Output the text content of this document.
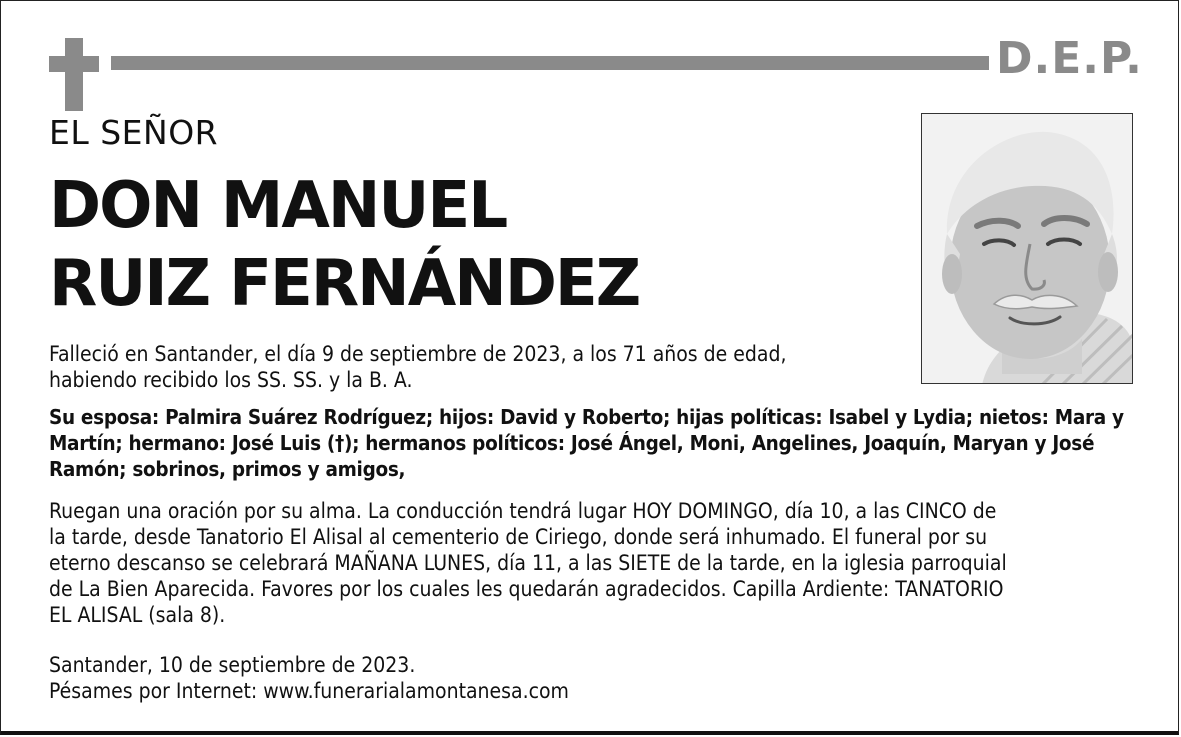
D.E.P.
EL SEÑOR
DON MANUEL
RUIZ FERNÁNDEZ
Falleció en Santander, el día 9 de septiembre de 2023, a los 71 años de edad,
habiendo recibido los SS. SS. y la B. A.
Su esposa: Palmira Suárez Rodríguez; hijos: David y Roberto; hijas políticas: Isabel y Lydia; nietos: Mara y
Martín; hermano: José Luis (†); hermanos políticos: José Ángel, Moni, Angelines, Joaquín, Maryan y José
Ramón; sobrinos, primos y amigos,
Ruegan una oración por su alma. La conducción tendrá lugar HOY DOMINGO, día 10, a las CINCO de
la tarde, desde Tanatorio El Alisal al cementerio de Ciriego, donde será inhumado. El funeral por su
eterno descanso se celebrará MAÑANA LUNES, día 11, a las SIETE de la tarde, en la iglesia parroquial
de La Bien Aparecida. Favores por los cuales les quedarán agradecidos. Capilla Ardiente: TANATORIO
EL ALISAL (sala 8).
Santander, 10 de septiembre de 2023.
Pésames por Internet: www.funerarialamontanesa.com
